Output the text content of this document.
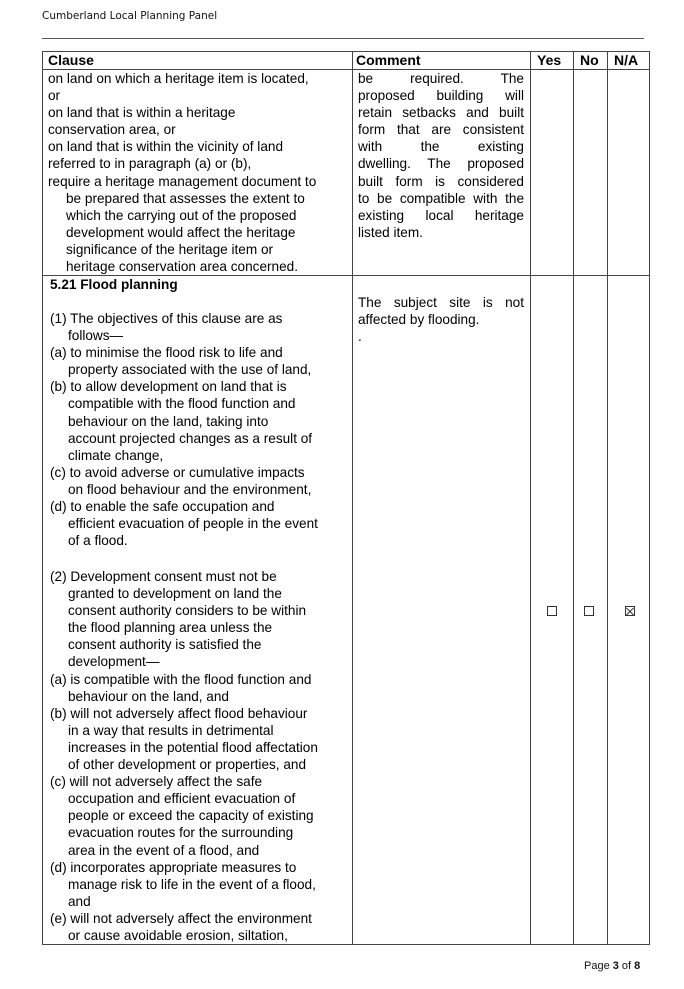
Cumberland Local Planning Panel
Clause	Comment	Yes No N/A
on land on which a heritage item is located,
or
on land that is within a heritage
conservation area, or
on land that is within the vicinity of land
referred to in paragraph (a) or (b),
require a heritage management document to
be prepared that assesses the extent to
which the carrying out of the proposed
development would affect the heritage
significance of the heritage item or
heritage conservation area concerned.
be required. The
proposed building will
retain setbacks and built
form that are consistent
with the existing
dwelling. The proposed
built form is considered
to be compatible with the
existing local heritage
listed item.
5.21 Flood planning
(1) The objectives of this clause are as
follows—
(a) to minimise the flood risk to life and
property associated with the use of land,
(b) to allow development on land that is
compatible with the flood function and
behaviour on the land, taking into
account projected changes as a result of
climate change,
(c) to avoid adverse or cumulative impacts
on flood behaviour and the environment,
(d) to enable the safe occupation and
efficient evacuation of people in the event
of a flood.
(2) Development consent must not be
granted to development on land the
consent authority considers to be within
the flood planning area unless the
consent authority is satisfied the
development—
(a) is compatible with the flood function and
behaviour on the land, and
(b) will not adversely affect flood behaviour
in a way that results in detrimental
increases in the potential flood affectation
of other development or properties, and
(c) will not adversely affect the safe
occupation and efficient evacuation of
people or exceed the capacity of existing
evacuation routes for the surrounding
area in the event of a flood, and
(d) incorporates appropriate measures to
manage risk to life in the event of a flood,
and
(e) will not adversely affect the environment
or cause avoidable erosion, siltation,
The subject site is not
affected by flooding.
.
Page 3 of 8
